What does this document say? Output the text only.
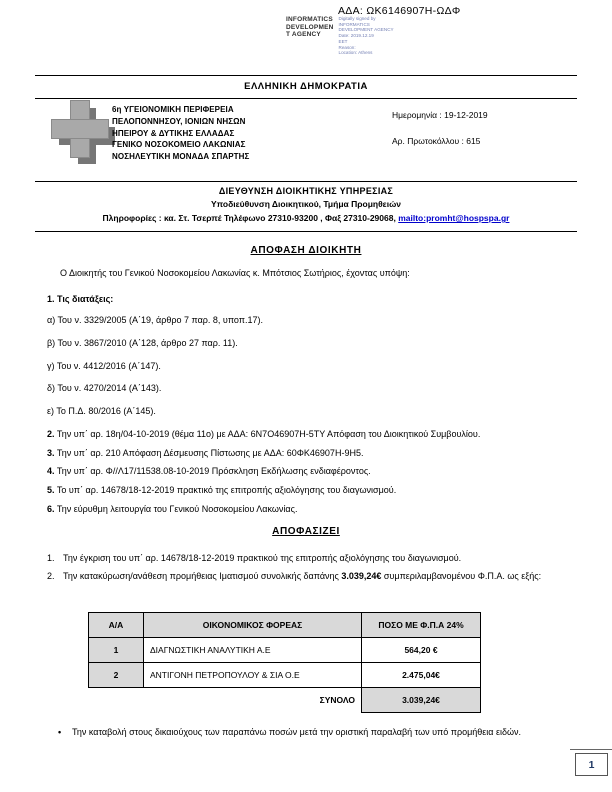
ΑΔΑ: ΩΚ6146907Η-ΩΔΦ
INFORMATICS
DEVELOPMEN
T AGENCY
Digitally signed by
INFORMATICS
DEVELOPMENT AGENCY
Date: 2019.12.19
EET
Reason:
Location: Athens
ΕΛΛΗΝΙΚΗ ΔΗΜΟΚΡΑΤΙΑ
6η ΥΓΕΙΟΝΟΜΙΚΗ ΠΕΡΙΦΕΡΕΙΑ
ΠΕΛΟΠΟΝΝΗΣΟΥ, ΙΟΝΙΩΝ ΝΗΣΩΝ
ΗΠΕΙΡΟΥ & ΔΥΤΙΚΗΣ ΕΛΛΑΔΑΣ
ΓΕΝΙΚΟ ΝΟΣΟΚΟΜΕΙΟ ΛΑΚΩΝΙΑΣ
ΝΟΣΗΛΕΥΤΙΚΗ ΜΟΝΑΔΑ ΣΠΑΡΤΗΣ
Ημερομηνία : 19-12-2019
Αρ. Πρωτοκόλλου : 615
ΔΙΕΥΘΥΝΣΗ ΔΙΟΙΚΗΤΙΚΗΣ ΥΠΗΡΕΣΙΑΣ
Υποδιεύθυνση Διοικητικού, Τμήμα Προμηθειών
Πληροφορίες : κα. Στ. Τσερπέ Τηλέφωνο 27310-93200 , Φαξ 27310-29068, mailto:promht@hospspa.gr
ΑΠΟΦΑΣΗ ΔΙΟΙΚΗΤΗ

Ο Διοικητής του Γενικού Νοσοκομείου Λακωνίας κ. Μπότσιος Σωτήριος, έχοντας υπόψη:

1. Τις διατάξεις:
α) Του ν. 3329/2005 (Α΄19, άρθρο 7 παρ. 8, υποπ.17).
β) Του ν. 3867/2010 (Α΄128, άρθρο 27 παρ. 11).
γ) Του ν. 4412/2016 (Α΄147).
δ) Του ν. 4270/2014 (Α΄143).
ε) Το Π.Δ. 80/2016 (Α΄145).
2. Την υπ΄ αρ. 18η/04-10-2019 (θέμα 11ο) με ΑΔΑ: 6Ν7Ο46907Η-5ΤΥ Απόφαση του Διοικητικού Συμβουλίου.
3. Την υπ΄ αρ. 210 Απόφαση Δέσμευσης Πίστωσης με ΑΔΑ: 60ΦΚ46907Η-9Η5.
4. Την υπ΄ αρ. Φ//Λ17/11538.08-10-2019 Πρόσκληση Εκδήλωσης ενδιαφέροντος.
5. Το υπ΄ αρ. 14678/18-12-2019 πρακτικό της επιτροπής αξιολόγησης του διαγωνισμού.
6. Την εύρυθμη λειτουργία του Γενικού Νοσοκομείου Λακωνίας.
ΑΠΟΦΑΣΙΖΕΙ
1. Την έγκριση του υπ΄ αρ. 14678/18-12-2019 πρακτικού της επιτροπής αξιολόγησης του διαγωνισμού.
2. Την κατακύρωση/ανάθεση προμήθειας Ιματισμού συνολικής δαπάνης 3.039,24€ συμπεριλαμβανομένου Φ.Π.Α. ως εξής:
Α/Α	ΟΙΚΟΝΟΜΙΚΟΣ ΦΟΡΕΑΣ	ΠΟΣΟ ΜΕ Φ.Π.Α 24%
1	ΔΙΑΓΝΩΣΤΙΚΗ ΑΝΑΛΥΤΙΚΗ Α.Ε	564,20 €
2	ΑΝΤΙΓΟΝΗ ΠΕΤΡΟΠΟΥΛΟΥ & ΣΙΑ Ο.Ε	2.475,04€
ΣΥΝΟΛΟ		3.039,24€
•	Την καταβολή στους δικαιούχους των παραπάνω ποσών μετά την οριστική παραλαβή των υπό προμήθεια ειδών.
1
